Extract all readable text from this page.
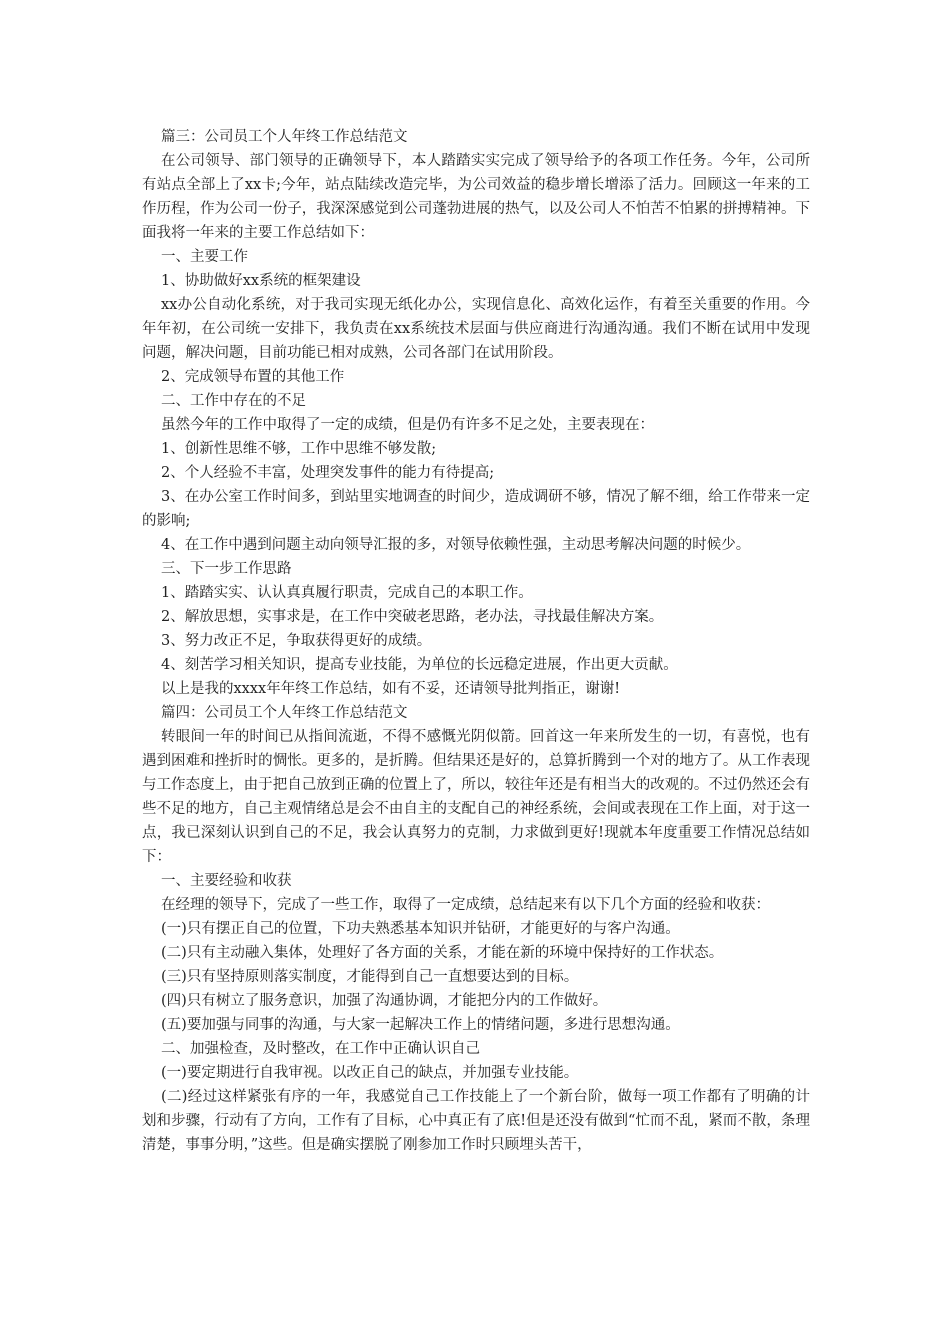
篇三：公司员工个人年终工作总结范文

在公司领导、部门领导的正确领导下，本人踏踏实实完成了领导给予的各项工作任务。今年，公司所有站点全部上了xx卡;今年，站点陆续改造完毕，为公司效益的稳步增长增添了活力。回顾这一年来的工作历程，作为公司一份子，我深深感觉到公司蓬勃进展的热气，以及公司人不怕苦不怕累的拼搏精神。下面我将一年来的主要工作总结如下：

一、主要工作

1、协助做好xx系统的框架建设

xx办公自动化系统，对于我司实现无纸化办公，实现信息化、高效化运作，有着至关重要的作用。今年年初，在公司统一安排下，我负责在xx系统技术层面与供应商进行沟通沟通。我们不断在试用中发现问题，解决问题，目前功能已相对成熟，公司各部门在试用阶段。

2、完成领导布置的其他工作

二、工作中存在的不足

虽然今年的工作中取得了一定的成绩，但是仍有许多不足之处，主要表现在：

1、创新性思维不够，工作中思维不够发散;

2、个人经验不丰富，处理突发事件的能力有待提高;

3、在办公室工作时间多，到站里实地调查的时间少，造成调研不够，情况了解不细，给工作带来一定的影响;

4、在工作中遇到问题主动向领导汇报的多，对领导依赖性强，主动思考解决问题的时候少。

三、下一步工作思路

1、踏踏实实、认认真真履行职责，完成自己的本职工作。

2、解放思想，实事求是，在工作中突破老思路，老办法，寻找最佳解决方案。

3、努力改正不足，争取获得更好的成绩。

4、刻苦学习相关知识，提高专业技能，为单位的长远稳定进展，作出更大贡献。

以上是我的xxxx年年终工作总结，如有不妥，还请领导批判指正，谢谢!

篇四：公司员工个人年终工作总结范文

转眼间一年的时间已从指间流逝，不得不感慨光阴似箭。回首这一年来所发生的一切，有喜悦，也有遇到困难和挫折时的惆怅。更多的，是折腾。但结果还是好的，总算折腾到一个对的地方了。从工作表现与工作态度上，由于把自己放到正确的位置上了，所以，较往年还是有相当大的改观的。不过仍然还会有些不足的地方，自己主观情绪总是会不由自主的支配自己的神经系统，会间或表现在工作上面，对于这一点，我已深刻认识到自己的不足，我会认真努力的克制，力求做到更好!现就本年度重要工作情况总结如下：

一、主要经验和收获

在经理的领导下，完成了一些工作，取得了一定成绩，总结起来有以下几个方面的经验和收获：

(一)只有摆正自己的位置，下功夫熟悉基本知识并钻研，才能更好的与客户沟通。

(二)只有主动融入集体，处理好了各方面的关系，才能在新的环境中保持好的工作状态。

(三)只有坚持原则落实制度，才能得到自己一直想要达到的目标。

(四)只有树立了服务意识，加强了沟通协调，才能把分内的工作做好。

(五)要加强与同事的沟通，与大家一起解决工作上的情绪问题，多进行思想沟通。

二、加强检查，及时整改，在工作中正确认识自己

(一)要定期进行自我审视。以改正自己的缺点，并加强专业技能。

(二)经过这样紧张有序的一年，我感觉自己工作技能上了一个新台阶，做每一项工作都有了明确的计划和步骤，行动有了方向，工作有了目标，心中真正有了底!但是还没有做到“忙而不乱，紧而不散，条理清楚，事事分明，”这些。但是确实摆脱了刚参加工作时只顾埋头苦干，
